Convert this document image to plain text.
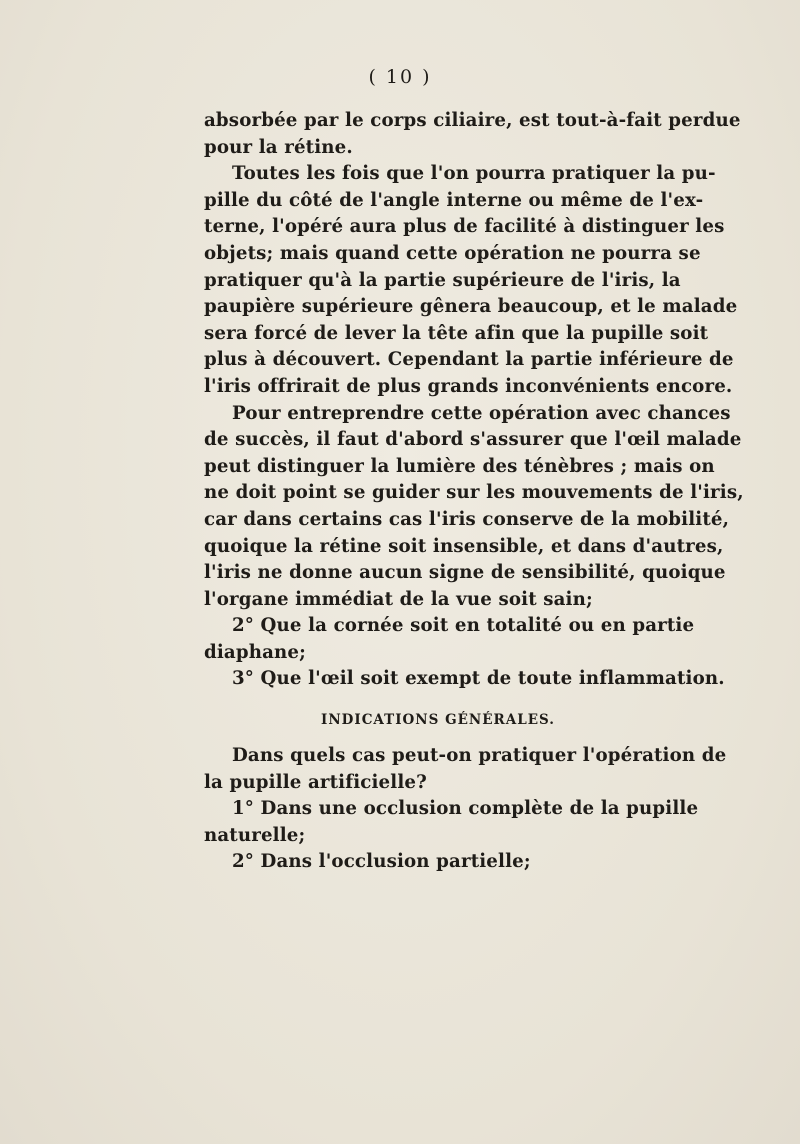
( 10 )
absorbée par le corps ciliaire, est tout-à-fait perdue
pour la rétine.
Toutes les fois que l'on pourra pratiquer la pu-
pille du côté de l'angle interne ou même de l'ex-
terne, l'opéré aura plus de facilité à distinguer les
objets; mais quand cette opération ne pourra se
pratiquer qu'à la partie supérieure de l'iris, la
paupière supérieure gênera beaucoup, et le malade
sera forcé de lever la tête afin que la pupille soit
plus à découvert. Cependant la partie inférieure de
l'iris offrirait de plus grands inconvénients encore.
Pour entreprendre cette opération avec chances
de succès, il faut d'abord s'assurer que l'œil malade
peut distinguer la lumière des ténèbres ; mais on
ne doit point se guider sur les mouvements de l'iris,
car dans certains cas l'iris conserve de la mobilité,
quoique la rétine soit insensible, et dans d'autres,
l'iris ne donne aucun signe de sensibilité, quoique
l'organe immédiat de la vue soit sain;
2° Que la cornée soit en totalité ou en partie
diaphane;
3° Que l'œil soit exempt de toute inflammation.
INDICATIONS GÉNÉRALES.
Dans quels cas peut-on pratiquer l'opération de
la pupille artificielle?
1° Dans une occlusion complète de la pupille
naturelle;
2° Dans l'occlusion partielle;
